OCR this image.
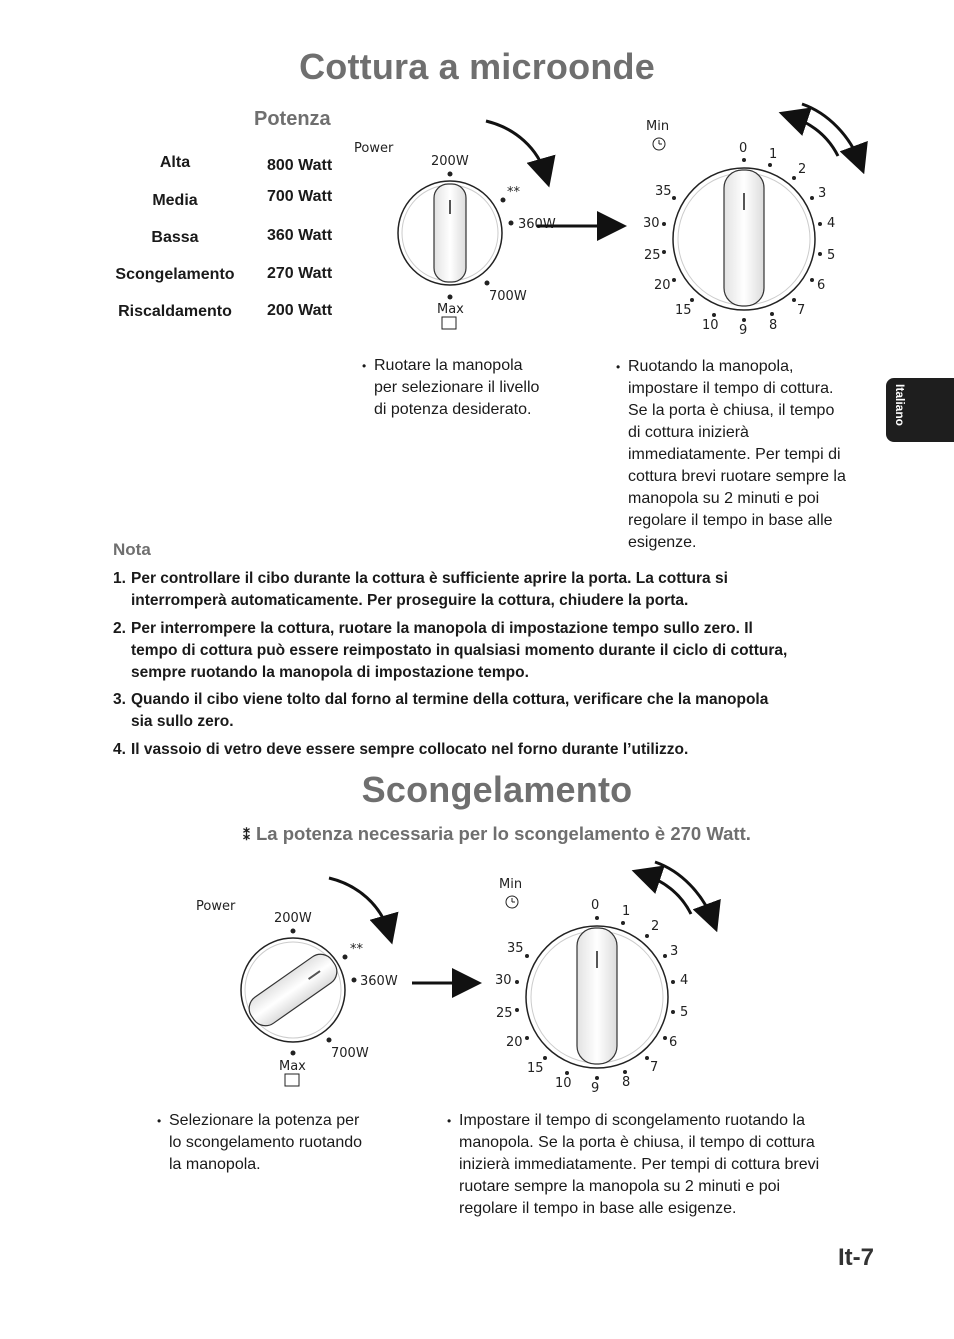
Cottura a microonde
Potenza
Alta
Media
Bassa
Scongelamento
Riscaldamento
800 Watt
700 Watt
360 Watt
270 Watt
200 Watt
Power
200W
360W
700W
Max
**
Min
0 1
2
3
4
5
6
7
8
9
10
15
20
25
30
35
Power
200W
360W
700W
Max
**
Min
0 1
2
3
4
5
6
7
8
9
10
15
20
25
30
35
• Ruotare la manopola
per selezionare il livello
di potenza desiderato.
• Ruotando la manopola,
impostare il tempo di cottura.
Se la porta è chiusa, il tempo
di cottura inizierà
immediatamente. Per tempi di
cottura brevi ruotare sempre la
manopola su 2 minuti e poi
regolare il tempo in base alle
esigenze.
Italiano
Nota
1. Per controllare il cibo durante la cottura è sufficiente aprire la porta. La cottura si
interromperà automaticamente. Per proseguire la cottura, chiudere la porta.
2. Per interrompere la cottura, ruotare la manopola di impostazione tempo sullo zero. Il
tempo di cottura può essere reimpostato in qualsiasi momento durante il ciclo di cottura,
sempre ruotando la manopola di impostazione tempo.
3. Quando il cibo viene tolto dal forno al termine della cottura, verificare che la manopola
sia sullo zero.
4. Il vassoio di vetro deve essere sempre collocato nel forno durante l’utilizzo.
Scongelamento
⁑ La potenza necessaria per lo scongelamento è 270 Watt.
• Selezionare la potenza per
lo scongelamento ruotando
la manopola.
• Impostare il tempo di scongelamento ruotando la
manopola. Se la porta è chiusa, il tempo di cottura
inizierà immediatamente. Per tempi di cottura brevi
ruotare sempre la manopola su 2 minuti e poi
regolare il tempo in base alle esigenze.
It-7
